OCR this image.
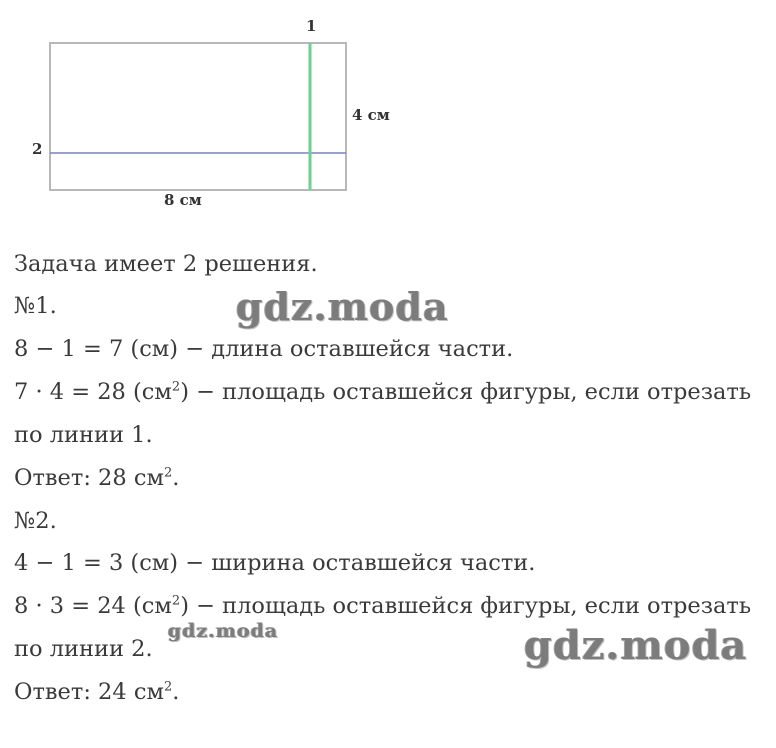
1
2
4 см
8 см
Задача имеет 2 решения.
№1.
8 − 1 = 7 (см) − длина оставшейся части.
7 · 4 = 28 $(см^2)$ − площадь оставшейся фигуры, если отрезать
по линии 1.
Ответ: 28 $см^2$.
№2.
4 − 1 = 3 (см) − ширина оставшейся части.
8 · 3 = 24 $(см^2)$ − площадь оставшейся фигуры, если отрезать
по линии 2.
Ответ: 24 $см^2$.
gdz.moda
gdz.moda	gdz.moda
